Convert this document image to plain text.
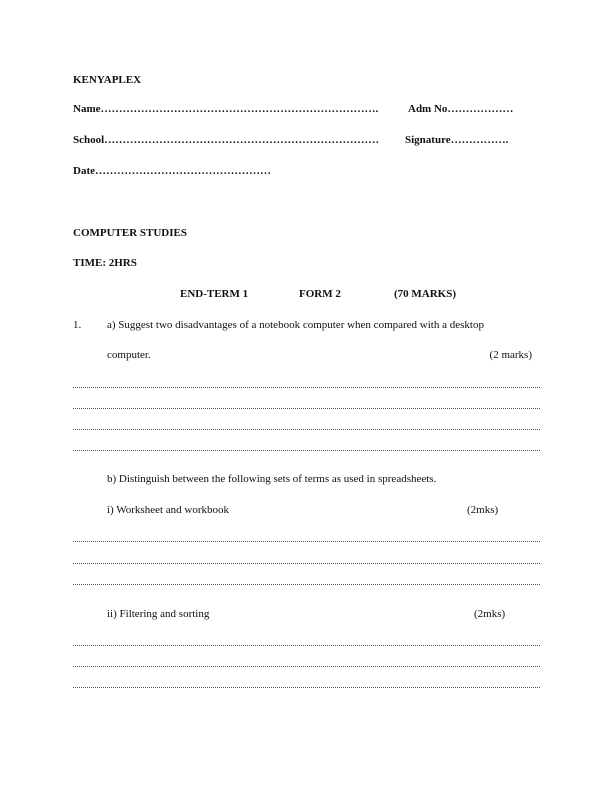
KENYAPLEX
Name………………………………………………………………….	Adm No………………
School………………………………………………………………… Signature…………….
Date…………………………………………
COMPUTER STUDIES
TIME: 2HRS
END-TERM 1	FORM 2	(70 MARKS)
1. a) Suggest two disadvantages of a notebook computer when compared with a desktop
computer.	(2 marks)
b) Distinguish between the following sets of terms as used in spreadsheets.
i) Worksheet and workbook	(2mks)
ii) Filtering and sorting	(2mks)
